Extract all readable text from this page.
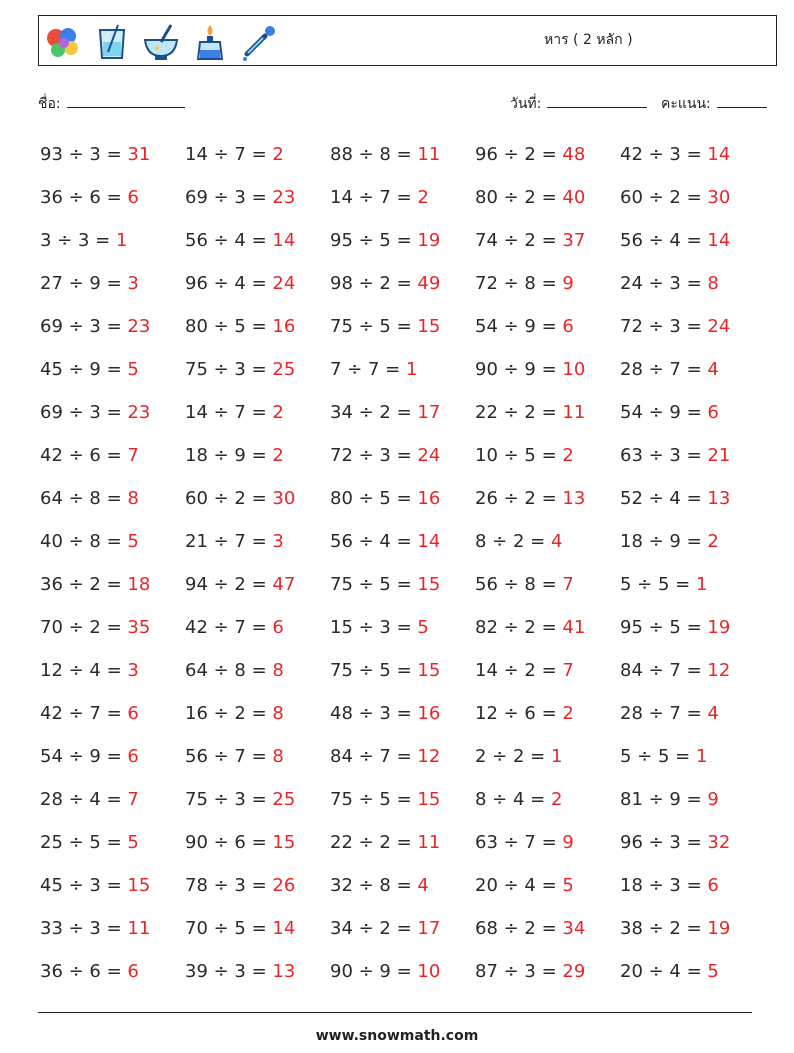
หาร ( 2 หลัก )
ชื่อ:	วันที่:	คะแนน:
93 ÷ 3 = 31	14 ÷ 7 = 2	88 ÷ 8 = 11	96 ÷ 2 = 48	42 ÷ 3 = 14
36 ÷ 6 = 6	69 ÷ 3 = 23	14 ÷ 7 = 2	80 ÷ 2 = 40	60 ÷ 2 = 30
3 ÷ 3 = 1	56 ÷ 4 = 14	95 ÷ 5 = 19	74 ÷ 2 = 37	56 ÷ 4 = 14
27 ÷ 9 = 3	96 ÷ 4 = 24	98 ÷ 2 = 49	72 ÷ 8 = 9	24 ÷ 3 = 8
69 ÷ 3 = 23	80 ÷ 5 = 16	75 ÷ 5 = 15	54 ÷ 9 = 6	72 ÷ 3 = 24
45 ÷ 9 = 5	75 ÷ 3 = 25	7 ÷ 7 = 1	90 ÷ 9 = 10	28 ÷ 7 = 4
69 ÷ 3 = 23	14 ÷ 7 = 2	34 ÷ 2 = 17	22 ÷ 2 = 11	54 ÷ 9 = 6
42 ÷ 6 = 7	18 ÷ 9 = 2	72 ÷ 3 = 24	10 ÷ 5 = 2	63 ÷ 3 = 21
64 ÷ 8 = 8	60 ÷ 2 = 30	80 ÷ 5 = 16	26 ÷ 2 = 13	52 ÷ 4 = 13
40 ÷ 8 = 5	21 ÷ 7 = 3	56 ÷ 4 = 14	8 ÷ 2 = 4	18 ÷ 9 = 2
36 ÷ 2 = 18	94 ÷ 2 = 47	75 ÷ 5 = 15	56 ÷ 8 = 7	5 ÷ 5 = 1
70 ÷ 2 = 35	42 ÷ 7 = 6	15 ÷ 3 = 5	82 ÷ 2 = 41	95 ÷ 5 = 19
12 ÷ 4 = 3	64 ÷ 8 = 8	75 ÷ 5 = 15	14 ÷ 2 = 7	84 ÷ 7 = 12
42 ÷ 7 = 6	16 ÷ 2 = 8	48 ÷ 3 = 16	12 ÷ 6 = 2	28 ÷ 7 = 4
54 ÷ 9 = 6	56 ÷ 7 = 8	84 ÷ 7 = 12	2 ÷ 2 = 1	5 ÷ 5 = 1
28 ÷ 4 = 7	75 ÷ 3 = 25	75 ÷ 5 = 15	8 ÷ 4 = 2	81 ÷ 9 = 9
25 ÷ 5 = 5	90 ÷ 6 = 15	22 ÷ 2 = 11	63 ÷ 7 = 9	96 ÷ 3 = 32
45 ÷ 3 = 15	78 ÷ 3 = 26	32 ÷ 8 = 4	20 ÷ 4 = 5	18 ÷ 3 = 6
33 ÷ 3 = 11	70 ÷ 5 = 14	34 ÷ 2 = 17	68 ÷ 2 = 34	38 ÷ 2 = 19
36 ÷ 6 = 6	39 ÷ 3 = 13	90 ÷ 9 = 10	87 ÷ 3 = 29	20 ÷ 4 = 5
www.snowmath.com
